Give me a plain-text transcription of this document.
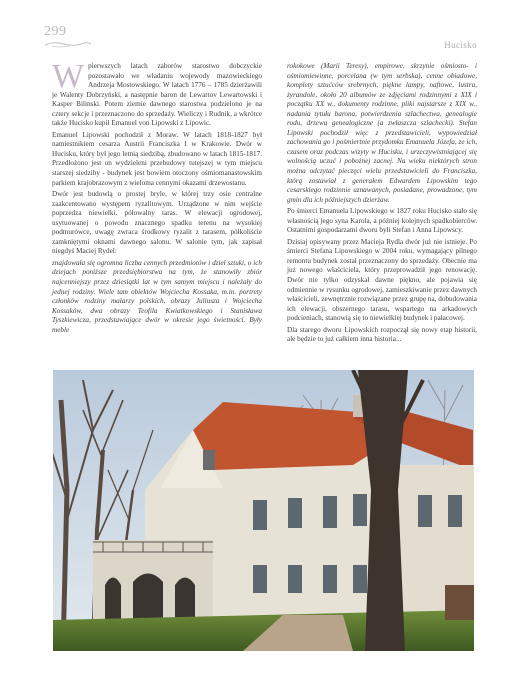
299
Hucisko

W pierwszych latach zaborów starostwo dobczyckie pozostawało we władaniu wojewody mazowieckiego Andrzeja Mostowskiego. W latach 1776 – 1785 dzierżawili je Walenty Dobrzyński, a następnie baron de Lewartov Lewartowski i Kasper Bilinski. Potem ziemie dawnego starostwa podzielono je na cztery sekcje i przeznaczono do sprzedaży. Wieliczy i Rudnik, a wkrótce także Hucisko kupił Emanuel von Lipowski z Lipowic.

Emanuel Lipowski pochodził z Moraw. W latach 1818-1827 był namiestnikiem cesarza Austrii Franciszka I w Krakowie. Dwór w Hucisku, który był jego letnią siedzibą, zbudowano w latach 1815-1817. Przedłożono jest on wydzieleni przebudowy tutejszej w tym miejscu starszej siedziby - budynek jest bowiem otoczony ośmiomanastowskim parkiem krajobrazowym z wieloma cennymi okazami drzewostanu.

Dwór jest budowlą o prostej bryle, w której trzy osie centralne zaakcentowano występem ryzalitowym. Urządzone w nim wejście poprzedza niewielki, półowalny taras. W elewacji ogrodowej, usytuowanej o powodu znacznego spadku terenu na wysokiej podmurówce, uwagę zwraca środkowy ryzalit z tarasem, półkoliście zamkniętymi oknami dawnego salonu. W salonie tym, jak zapisał niegdyś Maciej Rydel:

znajdowała się ogromna liczba cennych przedmiotów i dzieł sztuki, o ich dziejach poniższe przedsiębiorstwa na tym, że stanowiły zbiór najcenniejszy przez dziesiątki lat w tym samym miejscu i należały do jednej rodziny. Wiele tam obiektów Wojciecha Kossaka, m.in. portrety członków rodziny malarzy polskich, obrazy Juliusza i Wojciecha Kossaków, dwa obrazy Teofila Kwiatkowskiego i Stanisława Tyszkiewicza, przedstawiające dwór w okresie jego świetności. Były meble

rokokowe (Marii Teresy), empirowe, skrzynie ośmiosto- i ośmiomiewinne, porcelana (w tym serbska), cenne obiadowe, komplety sztućców srebrnych, piękne lampy, naftowe, lustra, żyrandole, około 20 albumów ze zdjęciami rodzinnymi z XIX i początku XX w., dokumenty rodzinne, pliki najstarsze z XIX w., nadania tytułu barona, potwierdzenia szlachectwa, genealogie rodu, drzewa genealogiczne (a zwłaszcza szlachecki). Stefan Lipowski pochodził więc z przedstawicieli, wypowiedział zachowania go i pośmiertnie przydomku Emanuela Józefa, ze ich, czasem oraz podczas wizyty w Hucisku, i urzeczywistniającej się wolnością uczuć i pobożnej zacnej. Na wieku niektórych stron można odczytać pieczęci wielu przedstawicieli do Franciszka, którą zostawiał z generałem Edwardem Lipowskim tego cesarskiego rodzinnie uznawanych, posiadane, prowadzone, tym gmin dla ich późniejszych dzierżaw.

Po śmierci Emanuela Lipowskiego w 1827 roku Hucisko stało się własnością jego syna Karola, a później kolejnych spadkobierców. Ostatnimi gospodarzami dworu byli Stefan i Anna Lipowscy.

Dzisiaj opisywany przez Macieja Rydla dwór już nie istnieje. Po śmierci Stefana Lipowskiego w 2004 roku, wymagający pilnego remontu budynek został przeznaczony do sprzedaży. Obecnie ma już nowego właściciela, który przeprowadził jego renowację. Dwór nie tylko odzyskał dawne piękno, ale pojawia się odmiennie w rysunku ogrodowej, zamieszkiwanie przez dawnych właścicieli, zewnętrznie rozwiązane przez grupę na, dobudowania ich elewacji, obszernego tarasu, wspartego na arkadowych podcieniach, stanowią się to niewielkiej budynek i pałacowej.

Dla starego dworu Lipowskich rozpoczął się nowy etap historii, ale będzie to już całkiem inna historia...
